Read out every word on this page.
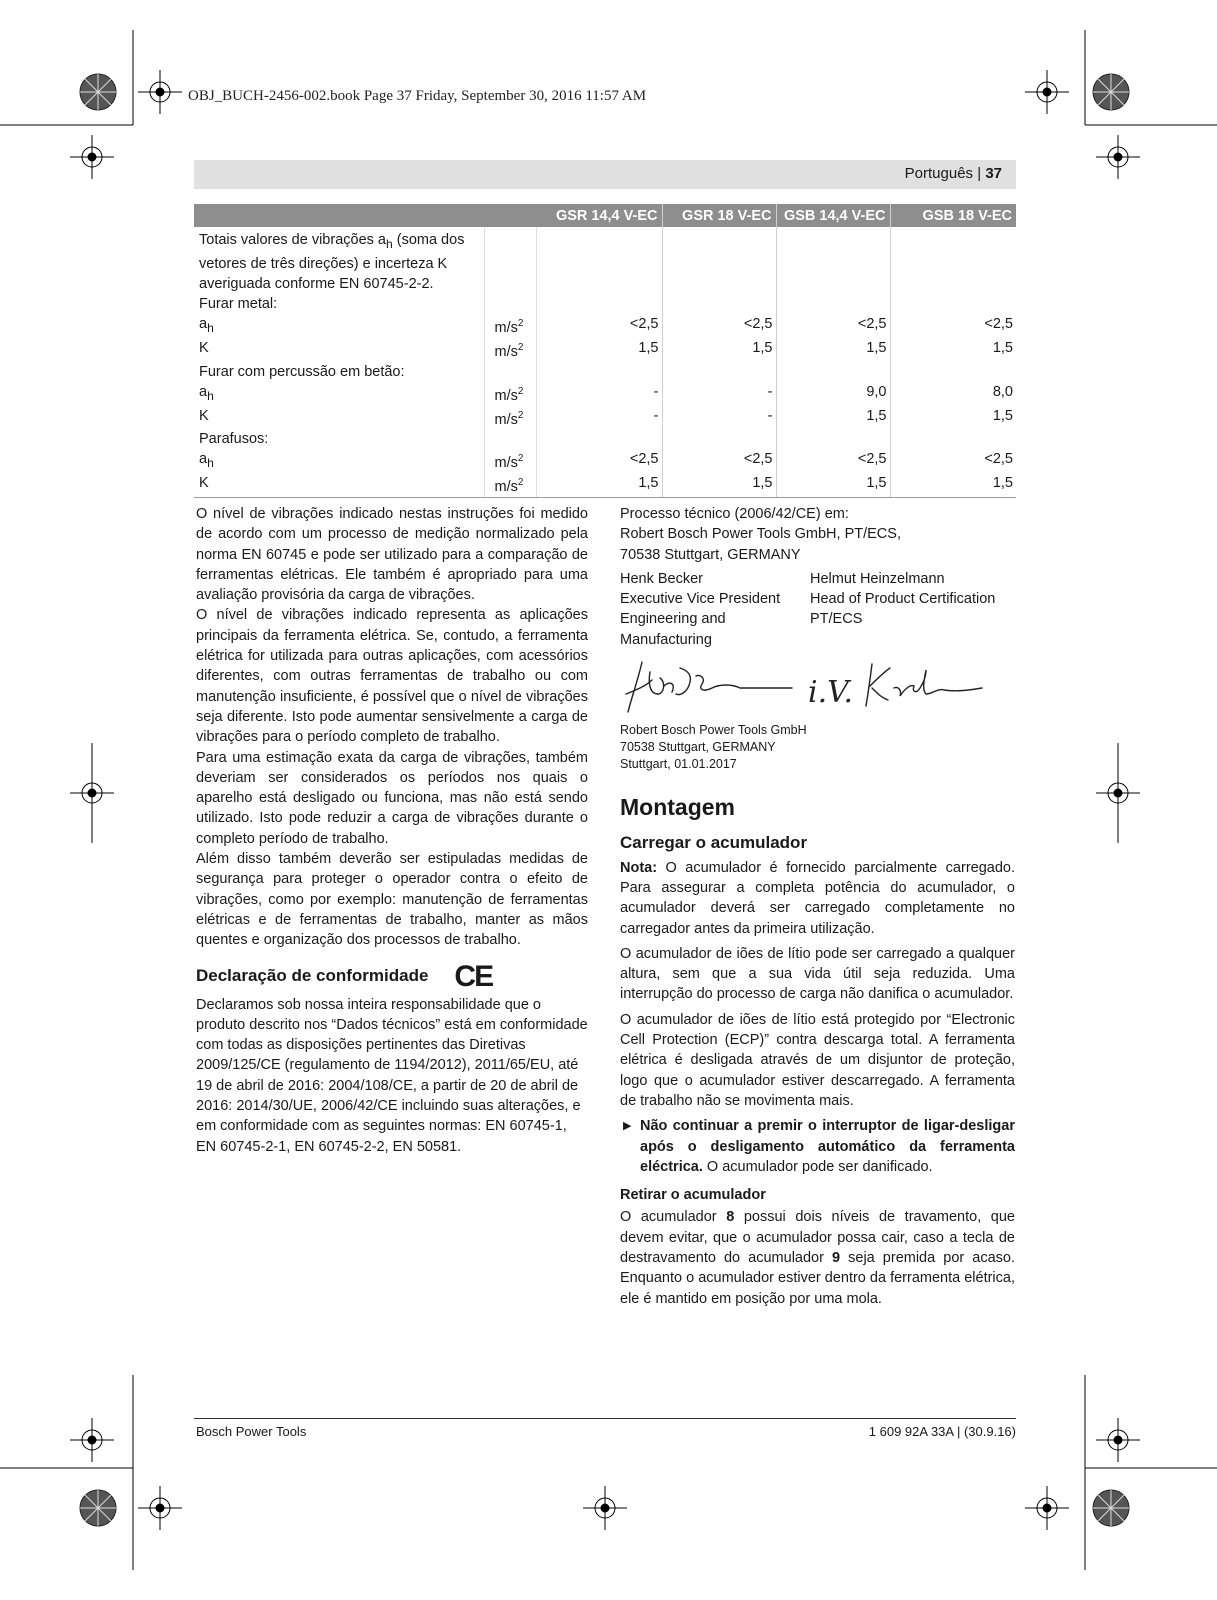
OBJ_BUCH-2456-002.book Page 37 Friday, September 30, 2016 11:57 AM
Português | 37
		GSR 14,4 V-EC	GSR 18 V-EC	GSB 14,4 V-EC	GSB 18 V-EC
Totais valores de vibrações $a_h$ (soma dos vetores de três direções) e incerteza K averiguada conforme EN 60745-2-2.					
Furar metal:					
$a_h$	$m/s^2$	<2,5	<2,5	<2,5	<2,5
K	$m/s^2$	1,5	1,5	1,5	1,5
Furar com percussão em betão:					
$a_h$	$m/s^2$	-	-	9,0	8,0
K	$m/s^2$	-	-	1,5	1,5
Parafusos:					
$a_h$	$m/s^2$	<2,5	<2,5	<2,5	<2,5
K	$m/s^2$	1,5	1,5	1,5	1,5

O nível de vibrações indicado nestas instruções foi medido de acordo com um processo de medição normalizado pela norma EN 60745 e pode ser utilizado para a comparação de ferramentas elétricas. Ele também é apropriado para uma avaliação provisória da carga de vibrações.

O nível de vibrações indicado representa as aplicações principais da ferramenta elétrica. Se, contudo, a ferramenta elétrica for utilizada para outras aplicações, com acessórios diferentes, com outras ferramentas de trabalho ou com manutenção insuficiente, é possível que o nível de vibrações seja diferente. Isto pode aumentar sensivelmente a carga de vibrações para o período completo de trabalho.

Para uma estimação exata da carga de vibrações, também deveriam ser considerados os períodos nos quais o aparelho está desligado ou funciona, mas não está sendo utilizado. Isto pode reduzir a carga de vibrações durante o completo período de trabalho.

Além disso também deverão ser estipuladas medidas de segurança para proteger o operador contra o efeito de vibrações, como por exemplo: manutenção de ferramentas elétricas e de ferramentas de trabalho, manter as mãos quentes e organização dos processos de trabalho.

Declaração de conformidade CE

Declaramos sob nossa inteira responsabilidade que o produto descrito nos “Dados técnicos” está em conformidade com todas as disposições pertinentes das Diretivas 2009/125/CE (regulamento de 1194/2012), 2011/65/EU, até 19 de abril de 2016: 2004/108/CE, a partir de 20 de abril de 2016: 2014/30/UE, 2006/42/CE incluindo suas alterações, e em conformidade com as seguintes normas: EN 60745-1, EN 60745-2-1, EN 60745-2-2, EN 50581.

Processo técnico (2006/42/CE) em:
Robert Bosch Power Tools GmbH, PT/ECS,
70538 Stuttgart, GERMANY
Henk Becker
Executive Vice President
Engineering and
Manufacturing
Helmut Heinzelmann
Head of Product Certification
PT/ECS
i.V.
Robert Bosch Power Tools GmbH
70538 Stuttgart, GERMANY
Stuttgart, 01.01.2017
Montagem
Carregar o acumulador

Nota: O acumulador é fornecido parcialmente carregado. Para assegurar a completa potência do acumulador, o acumulador deverá ser carregado completamente no carregador antes da primeira utilização.

O acumulador de iões de lítio pode ser carregado a qualquer altura, sem que a sua vida útil seja reduzida. Uma interrupção do processo de carga não danifica o acumulador.

O acumulador de iões de lítio está protegido por “Electronic Cell Protection (ECP)” contra descarga total. A ferramenta elétrica é desligada através de um disjuntor de proteção, logo que o acumulador estiver descarregado. A ferramenta de trabalho não se movimenta mais.

▶ Não continuar a premir o interruptor de ligar-desligar após o desligamento automático da ferramenta eléctrica. O acumulador pode ser danificado.

Retirar o acumulador

O acumulador 8 possui dois níveis de travamento, que devem evitar, que o acumulador possa cair, caso a tecla de destravamento do acumulador 9 seja premida por acaso. Enquanto o acumulador estiver dentro da ferramenta elétrica, ele é mantido em posição por uma mola.

Bosch Power Tools	1 609 92A 33A | (30.9.16)
